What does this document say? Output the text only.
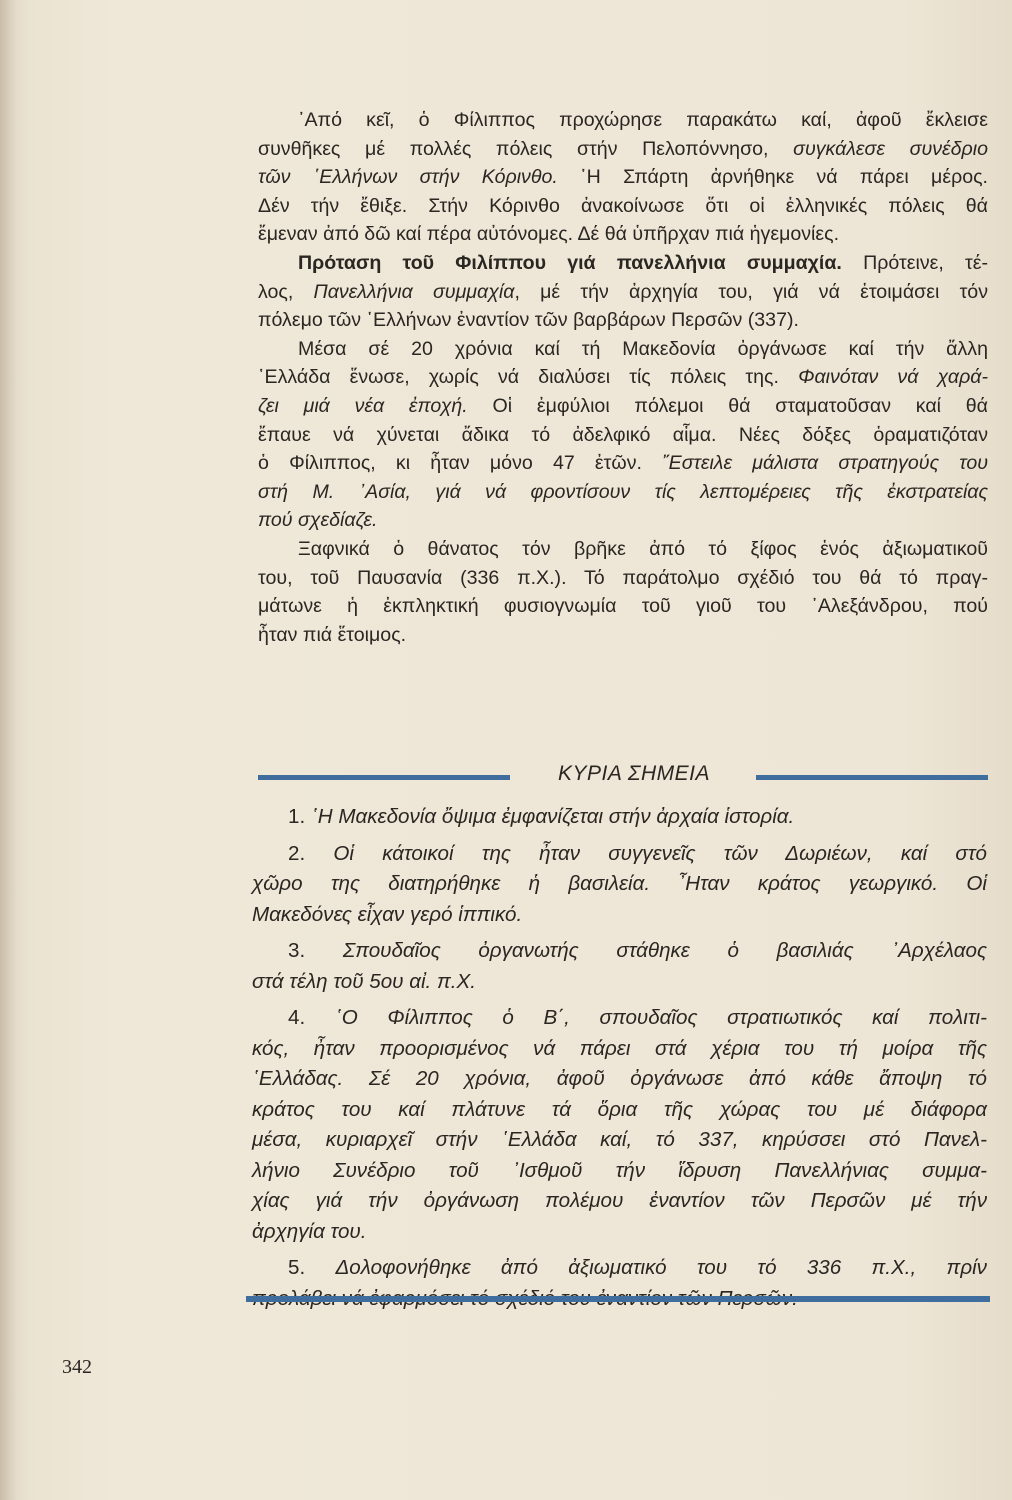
᾿Από κεῖ, ὁ Φίλιππος προχώρησε παρακάτω καί, ἀφοῦ ἔκλεισε
συνθῆκες μέ πολλές πόλεις στήν Πελοπόννησο, συγκάλεσε συνέδριο
τῶν ῾Ελλήνων στήν Κόρινθο. ῾Η Σπάρτη ἀρνήθηκε νά πάρει μέρος.
Δέν τήν ἔθιξε. Στήν Κόρινθο ἀνακοίνωσε ὅτι οἱ ἑλληνικές πόλεις θά
ἔμεναν ἀπό δῶ καί πέρα αὐτόνομες. Δέ θά ὑπῆρχαν πιά ἡγεμονίες.

Πρόταση τοῦ Φιλίππου γιά πανελλήνια συμμαχία. Πρότεινε, τέ-
λος, Πανελλήνια συμμαχία, μέ τήν ἀρχηγία του, γιά νά ἑτοιμάσει τόν
πόλεμο τῶν ῾Ελλήνων ἐναντίον τῶν βαρβάρων Περσῶν (337).

Μέσα σέ 20 χρόνια καί τή Μακεδονία ὀργάνωσε καί τήν ἄλλη
῾Ελλάδα ἕνωσε, χωρίς νά διαλύσει τίς πόλεις της. Φαινόταν νά χαρά-
ζει μιά νέα ἐποχή. Οἱ ἐμφύλιοι πόλεμοι θά σταματοῦσαν καί θά
ἔπαυε νά χύνεται ἄδικα τό ἀδελφικό αἷμα. Νέες δόξες ὁραματιζόταν
ὁ Φίλιππος, κι ἦταν μόνο 47 ἐτῶν. ῎Εστειλε μάλιστα στρατηγούς του
στή Μ. ᾿Ασία, γιά νά φροντίσουν τίς λεπτομέρειες τῆς ἐκστρατείας
πού σχεδίαζε.

Ξαφνικά ὁ θάνατος τόν βρῆκε ἀπό τό ξίφος ἑνός ἀξιωματικοῦ
του, τοῦ Παυσανία (336 π.Χ.). Τό παράτολμο σχέδιό του θά τό πραγ-
μάτωνε ἡ ἐκπληκτική φυσιογνωμία τοῦ γιοῦ του ᾿Αλεξάνδρου, πού
ἦταν πιά ἕτοιμος.

ΚΥΡΙΑ ΣΗΜΕΙΑ
1. ῾Η Μακεδονία ὄψιμα ἐμφανίζεται στήν ἀρχαία ἱστορία.
2. Οἱ κάτοικοί της ἦταν συγγενεῖς τῶν Δωριέων, καί στό
χῶρο της διατηρήθηκε ἡ βασιλεία. ῏Ηταν κράτος γεωργικό. Οἱ
Μακεδόνες εἶχαν γερό ἱππικό.
3. Σπουδαῖος ὀργανωτής στάθηκε ὁ βασιλιάς ᾿Αρχέλαος
στά τέλη τοῦ 5ου αἰ. π.Χ.
4. ῾Ο Φίλιππος ὁ Β΄, σπουδαῖος στρατιωτικός καί πολιτι-
κός, ἦταν προορισμένος νά πάρει στά χέρια του τή μοίρα τῆς
῾Ελλάδας. Σέ 20 χρόνια, ἀφοῦ ὀργάνωσε ἀπό κάθε ἄποψη τό
κράτος του καί πλάτυνε τά ὅρια τῆς χώρας του μέ διάφορα
μέσα, κυριαρχεῖ στήν ῾Ελλάδα καί, τό 337, κηρύσσει στό Πανελ-
λήνιο Συνέδριο τοῦ ᾿Ισθμοῦ τήν ἵδρυση Πανελλήνιας συμμα-
χίας γιά τήν ὀργάνωση πολέμου ἐναντίον τῶν Περσῶν μέ τήν
ἀρχηγία του.
5. Δολοφονήθηκε ἀπό ἀξιωματικό του τό 336 π.Χ., πρίν
342
